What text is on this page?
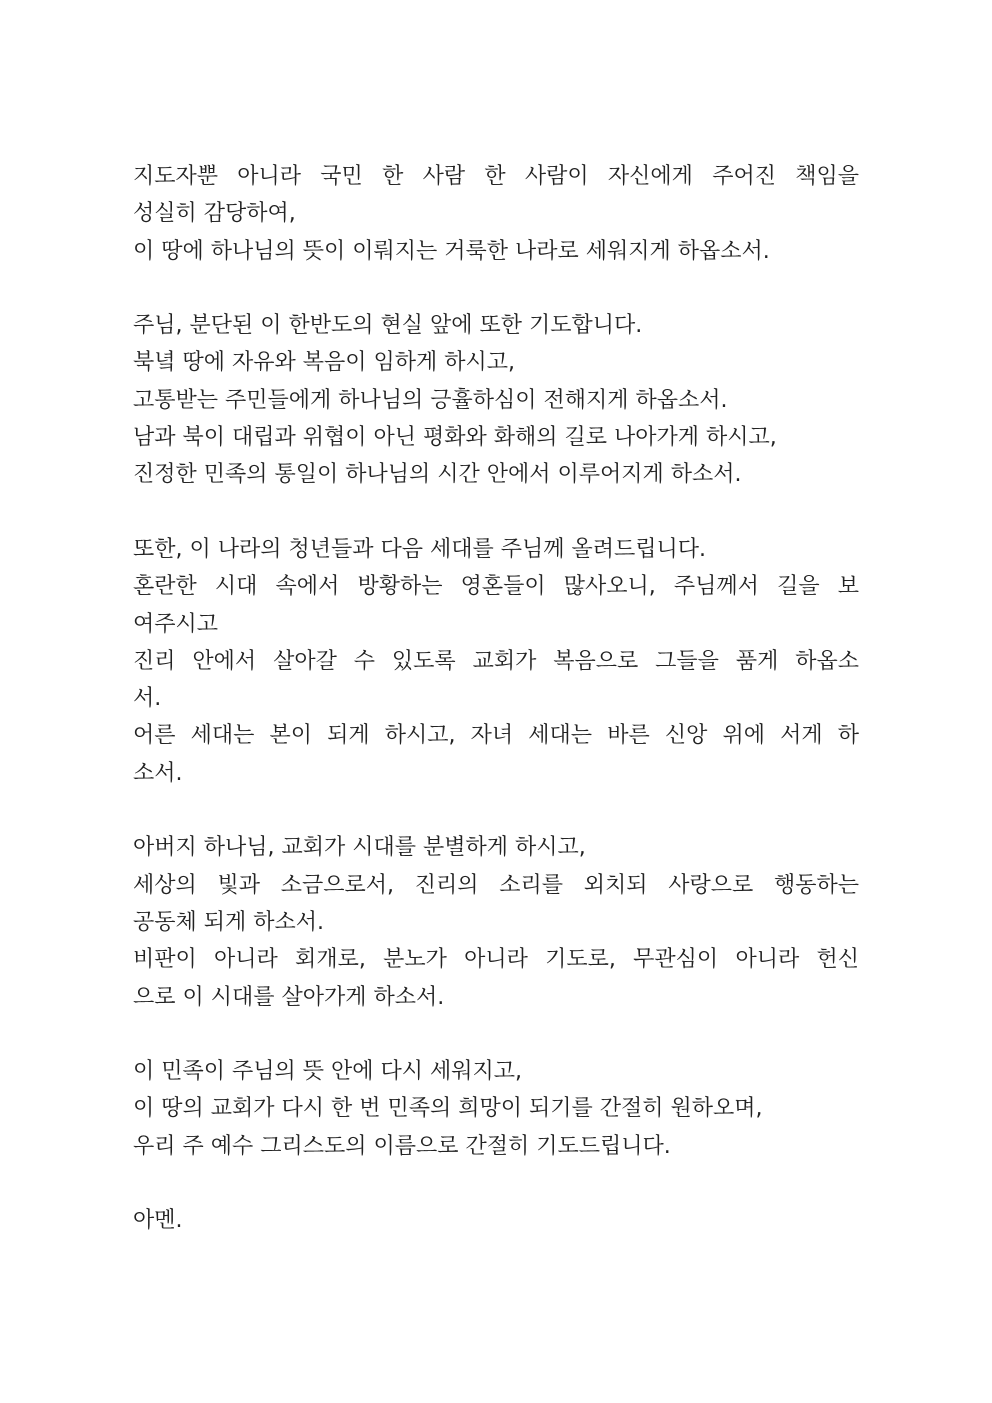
지도자뿐 아니라 국민 한 사람 한 사람이 자신에게 주어진 책임을
성실히 감당하여,
이 땅에 하나님의 뜻이 이뤄지는 거룩한 나라로 세워지게 하옵소서.
주님, 분단된 이 한반도의 현실 앞에 또한 기도합니다.
북녘 땅에 자유와 복음이 임하게 하시고,
고통받는 주민들에게 하나님의 긍휼하심이 전해지게 하옵소서.
남과 북이 대립과 위협이 아닌 평화와 화해의 길로 나아가게 하시고,
진정한 민족의 통일이 하나님의 시간 안에서 이루어지게 하소서.
또한, 이 나라의 청년들과 다음 세대를 주님께 올려드립니다.
혼란한 시대 속에서 방황하는 영혼들이 많사오니, 주님께서 길을 보
여주시고
진리 안에서 살아갈 수 있도록 교회가 복음으로 그들을 품게 하옵소
서.
어른 세대는 본이 되게 하시고, 자녀 세대는 바른 신앙 위에 서게 하
소서.
아버지 하나님, 교회가 시대를 분별하게 하시고,
세상의 빛과 소금으로서, 진리의 소리를 외치되 사랑으로 행동하는
공동체 되게 하소서.
비판이 아니라 회개로, 분노가 아니라 기도로, 무관심이 아니라 헌신
으로 이 시대를 살아가게 하소서.
이 민족이 주님의 뜻 안에 다시 세워지고,
이 땅의 교회가 다시 한 번 민족의 희망이 되기를 간절히 원하오며,
우리 주 예수 그리스도의 이름으로 간절히 기도드립니다.
아멘.
